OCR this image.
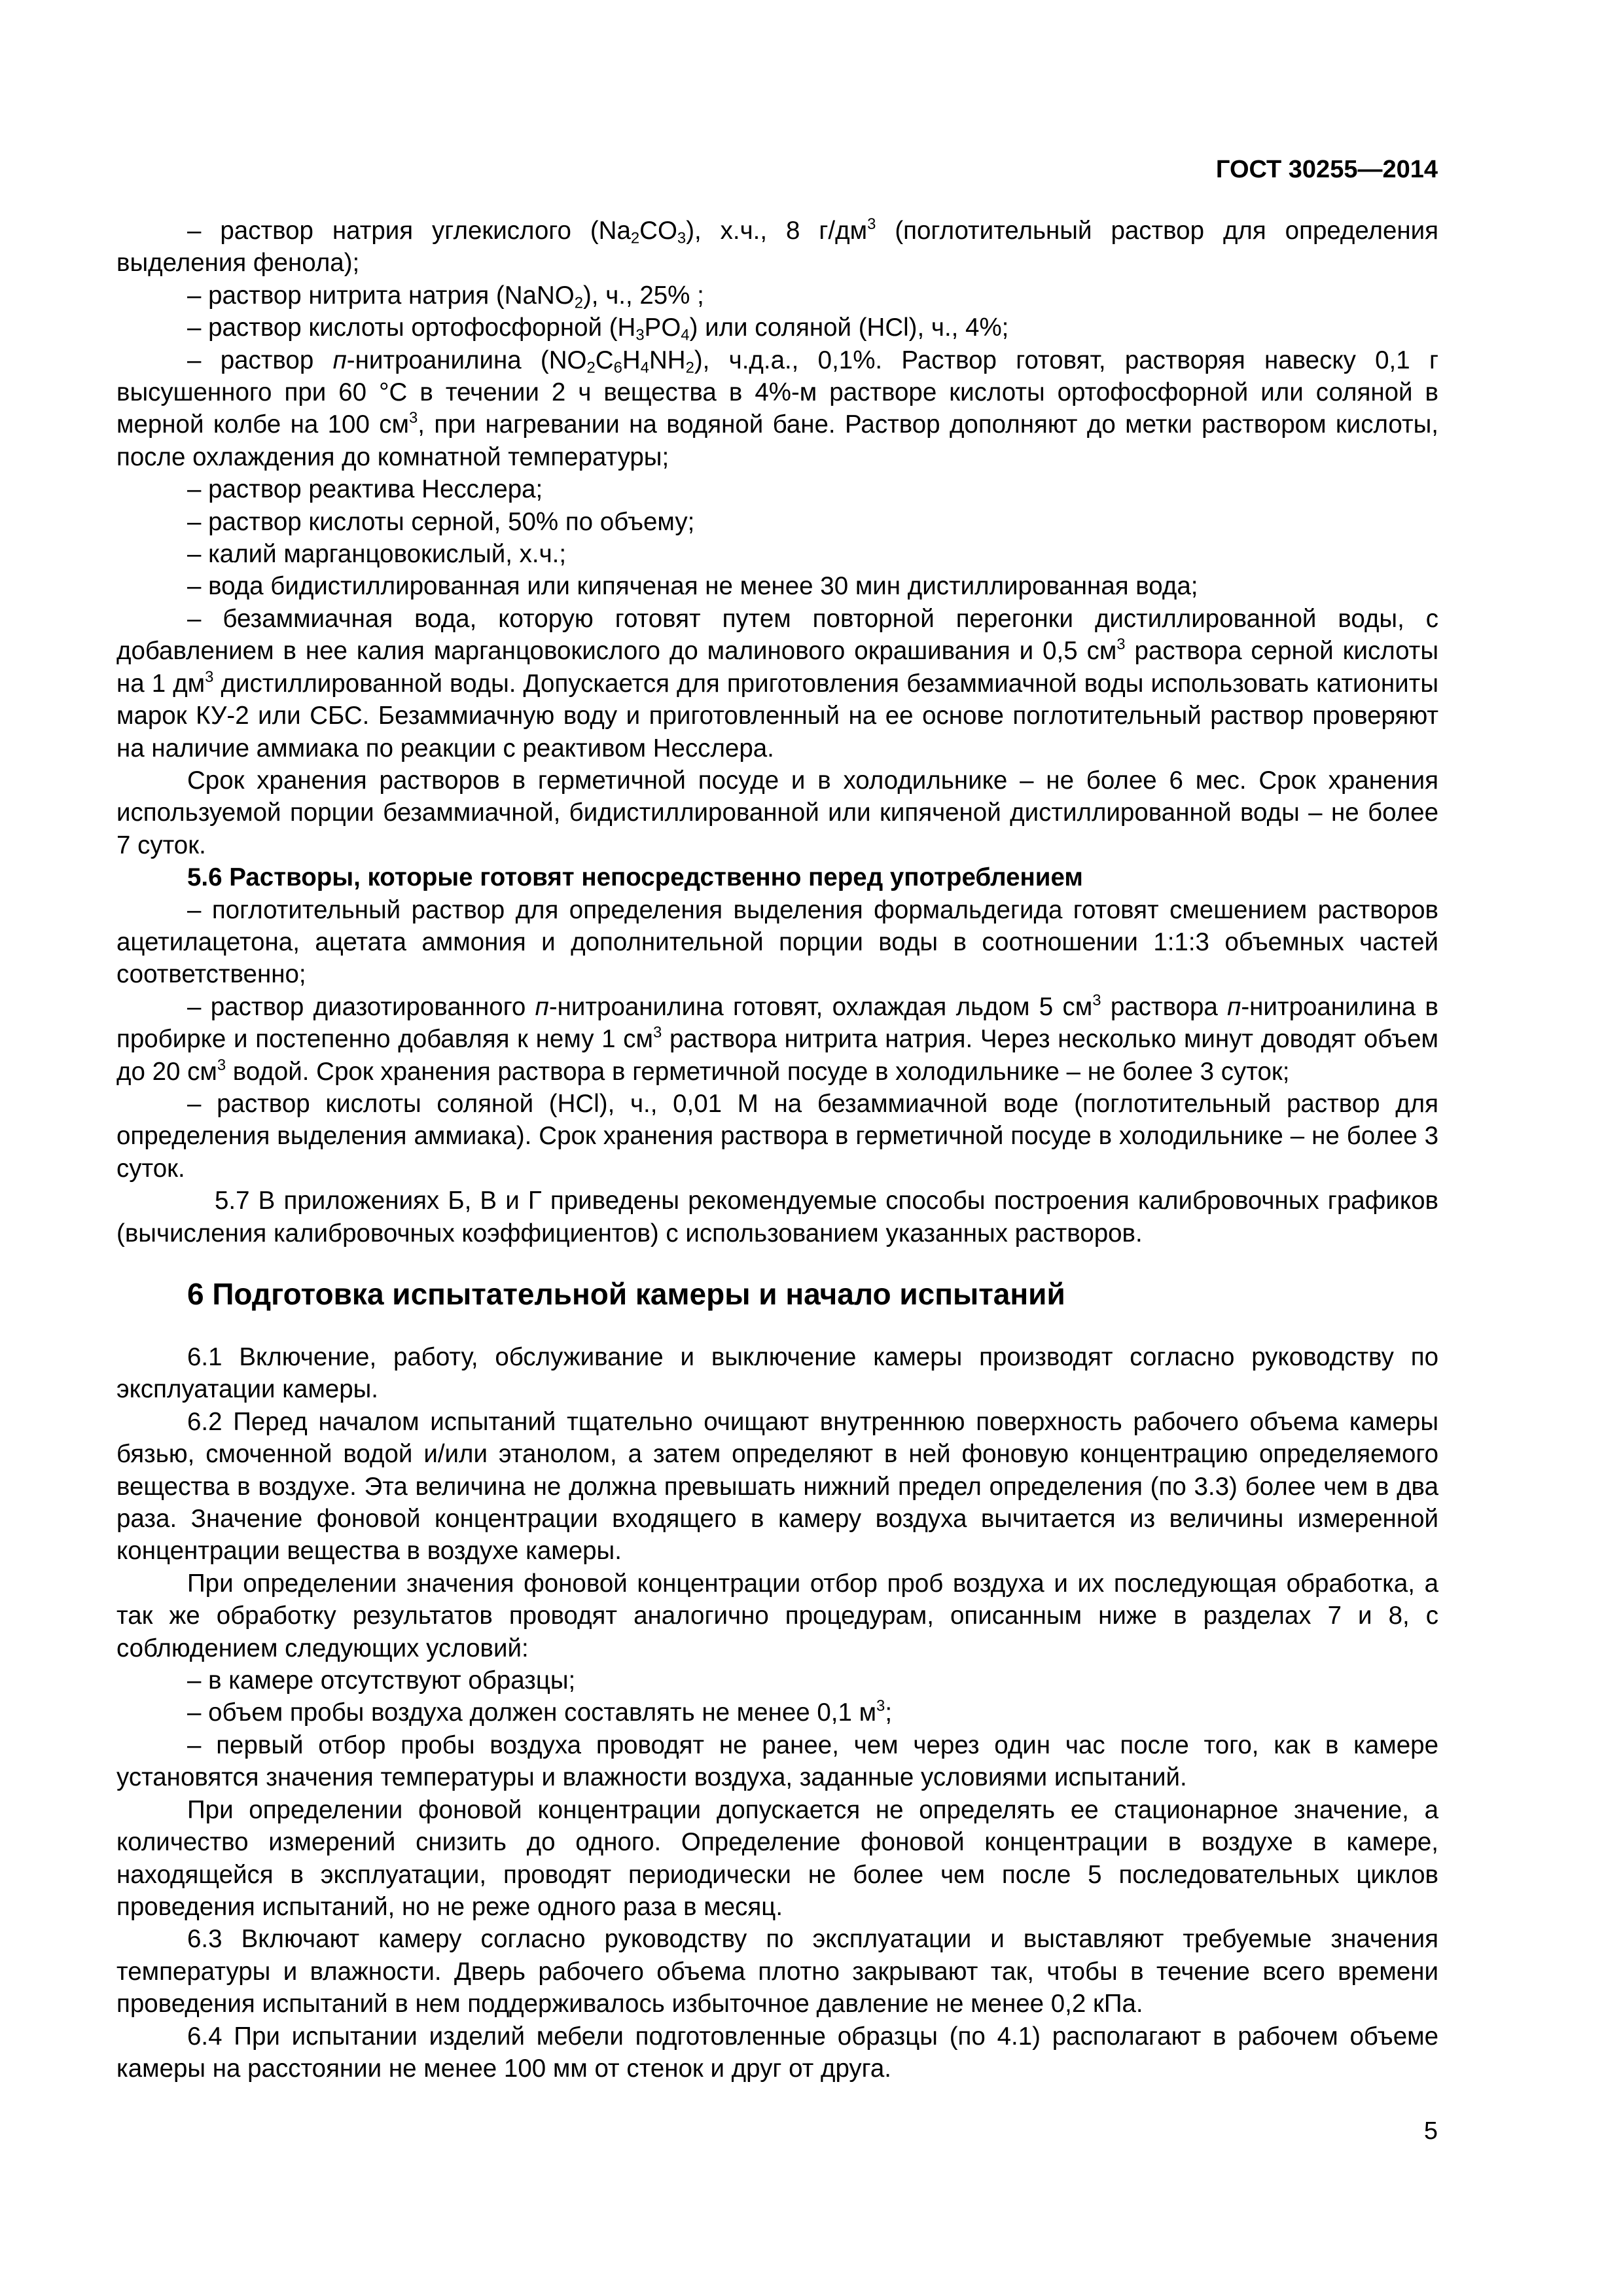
ГОСТ 30255—2014

– раствор натрия углекислого $(Na_2CO_3)$, х.ч., 8 $г/дм^3$ (поглотительный раствор для определения выделения фенола);

– раствор нитрита натрия (NaNO$_2$), ч., 25% ;

– раствор кислоты ортофосфорной $(H_3PO_4)$ или соляной (HCl), ч., 4%;

– раствор п-нитроанилина $(NO_2C_6H_4NH_2)$, ч.д.а., 0,1%. Раствор готовят, растворяя навеску 0,1 г высушенного при 60 °C в течении 2 ч вещества в 4%-м растворе кислоты ортофосфорной или соляной в мерной колбе на 100 $см^3$, при нагревании на водяной бане. Раствор дополняют до метки раствором кислоты, после охлаждения до комнатной температуры;

– раствор реактива Несслера;

– раствор кислоты серной, 50% по объему;

– калий марганцовокислый, х.ч.;

– вода бидистиллированная или кипяченая не менее 30 мин дистиллированная вода;

– безаммиачная вода, которую готовят путем повторной перегонки дистиллированной воды, с добавлением в нее калия марганцовокислого до малинового окрашивания и 0,5 $см^3$ раствора серной кислоты на 1 $дм^3$ дистиллированной воды. Допускается для приготовления безаммиачной воды использовать катиониты марок КУ-2 или СБС. Безаммиачную воду и приготовленный на ее основе поглотительный раствор проверяют на наличие аммиака по реакции с реактивом Несслера.

Срок хранения растворов в герметичной посуде и в холодильнике – не более 6 мес. Срок хранения используемой порции безаммиачной, бидистиллированной или кипяченой дистиллированной воды – не более 7 суток.

5.6 Растворы, которые готовят непосредственно перед употреблением

– поглотительный раствор для определения выделения формальдегида готовят смешением растворов ацетилацетона, ацетата аммония и дополнительной порции воды в соотношении 1:1:3 объемных частей соответственно;

– раствор диазотированного п-нитроанилина готовят, охлаждая льдом 5 $см^3$ раствора п-нитроанилина в пробирке и постепенно добавляя к нему 1 $см^3$ раствора нитрита натрия. Через несколько минут доводят объем до 20 $см^3$ водой. Срок хранения раствора в герметичной посуде в холодильнике – не более 3 суток;

– раствор кислоты соляной (HCl), ч., 0,01 М на безаммиачной воде (поглотительный раствор для определения выделения аммиака). Срок хранения раствора в герметичной посуде в холодильнике – не более 3 суток.

5.7 В приложениях Б, В и Г приведены рекомендуемые способы построения калибровочных графиков (вычисления калибровочных коэффициентов) с использованием указанных растворов.

6 Подготовка испытательной камеры и начало испытаний

6.1 Включение, работу, обслуживание и выключение камеры производят согласно руководству по эксплуатации камеры.

6.2 Перед началом испытаний тщательно очищают внутреннюю поверхность рабочего объема камеры бязью, смоченной водой и/или этанолом, а затем определяют в ней фоновую концентрацию определяемого вещества в воздухе. Эта величина не должна превышать нижний предел определения (по 3.3) более чем в два раза. Значение фоновой концентрации входящего в камеру воздуха вычитается из величины измеренной концентрации вещества в воздухе камеры.

При определении значения фоновой концентрации отбор проб воздуха и их последующая обработка, а так же обработку результатов проводят аналогично процедурам, описанным ниже в разделах 7 и 8, с соблюдением следующих условий:

– в камере отсутствуют образцы;

– объем пробы воздуха должен составлять не менее 0,1 $м^3$;

– первый отбор пробы воздуха проводят не ранее, чем через один час после того, как в камере установятся значения температуры и влажности воздуха, заданные условиями испытаний.

При определении фоновой концентрации допускается не определять ее стационарное значение, а количество измерений снизить до одного. Определение фоновой концентрации в воздухе в камере, находящейся в эксплуатации, проводят периодически не более чем после 5 последовательных циклов проведения испытаний, но не реже одного раза в месяц.

6.3 Включают камеру согласно руководству по эксплуатации и выставляют требуемые значения температуры и влажности. Дверь рабочего объема плотно закрывают так, чтобы в течение всего времени проведения испытаний в нем поддерживалось избыточное давление не менее 0,2 кПа.

6.4 При испытании изделий мебели подготовленные образцы (по 4.1) располагают в рабочем объеме камеры на расстоянии не менее 100 мм от стенок и друг от друга.

5
